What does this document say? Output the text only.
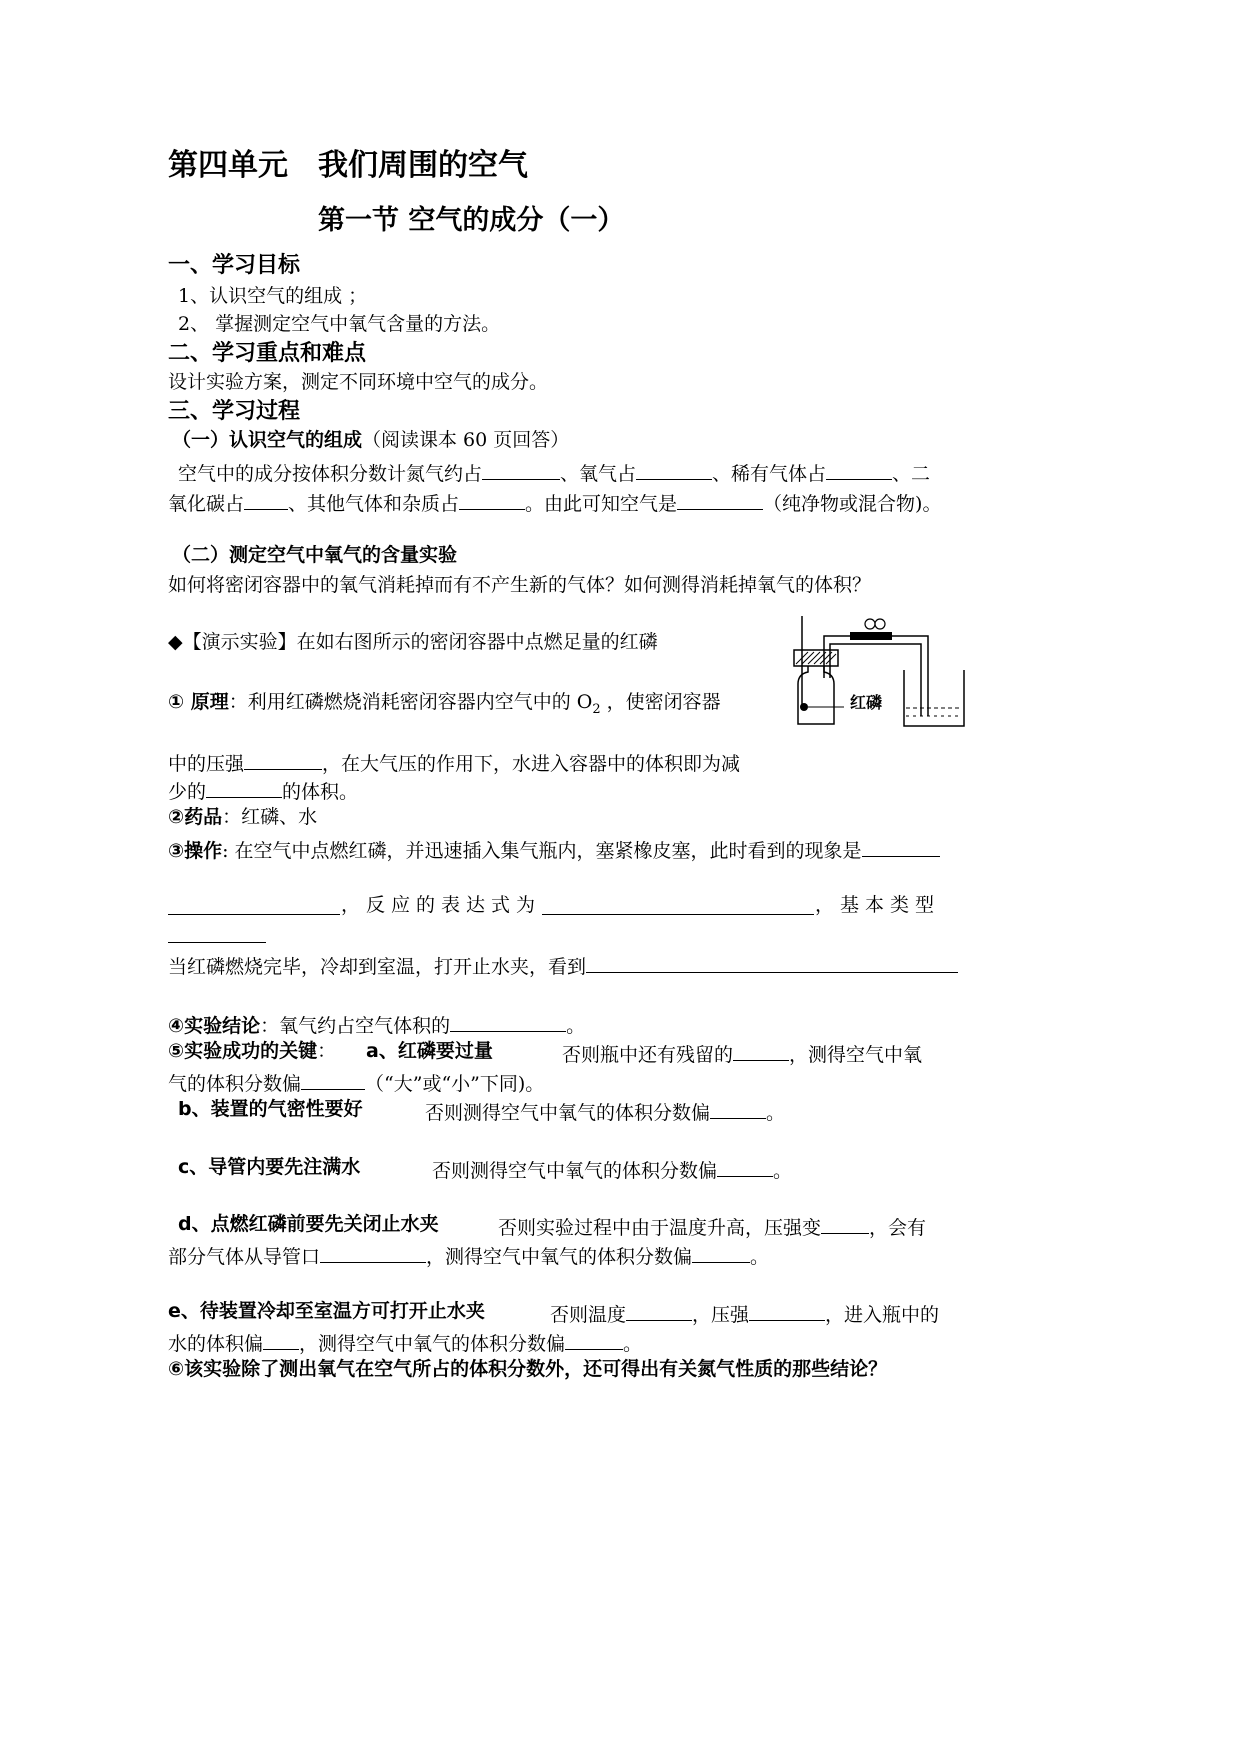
第四单元　我们周围的空气
第一节 空气的成分（一）
一、学习目标
1、认识空气的组成 ；
2、 掌握测定空气中氧气含量的方法。
二、学习重点和难点
设计实验方案，测定不同环境中空气的成分。
三、学习过程
（一）认识空气的组成（阅读课本 60 页回答）
空气中的成分按体积分数计氮气约占	、氧气占	、稀有气体占	、二
氧化碳占 、其他气体和杂质占	。由此可知空气是	（纯净物或混合物)。
（二）测定空气中氧气的含量实验
如何将密闭容器中的氧气消耗掉而有不产生新的气体？如何测得消耗掉氧气的体积？
◆【演示实验】在如右图所示的密闭容器中点燃足量的红磷
红磷
① 原理：利用红磷燃烧消耗密闭容器内空气中的 $O_2$ ，使密闭容器
中的压强	，在大气压的作用下，水进入容器中的体积即为减
少的	的体积。
②药品：红磷、水
③操作: 在空气中点燃红磷，并迅速插入集气瓶内，塞紧橡皮塞，此时看到的现象是
，反应的表达式为	，基本类型
当红磷燃烧完毕，冷却到室温，打开止水夹，看到
④实验结论：氧气约占空气体积的	。
⑤实验成功的关键： a、红磷要过量	否则瓶中还有残留的	，测得空气中氧
气的体积分数偏	（“大”或“小”下同)。
b、装置的气密性要好	否则测得空气中氧气的体积分数偏	。
c、导管内要先注满水	否则测得空气中氧气的体积分数偏	。
d、点燃红磷前要先关闭止水夹	否则实验过程中由于温度升高，压强变	，会有
部分气体从导管口	，测得空气中氧气的体积分数偏	。
e、待装置冷却至室温方可打开止水夹	否则温度	，压强	，进入瓶中的
水的体积偏 ，测得空气中氧气的体积分数偏	。
⑥该实验除了测出氧气在空气所占的体积分数外，还可得出有关氮气性质的那些结论？
